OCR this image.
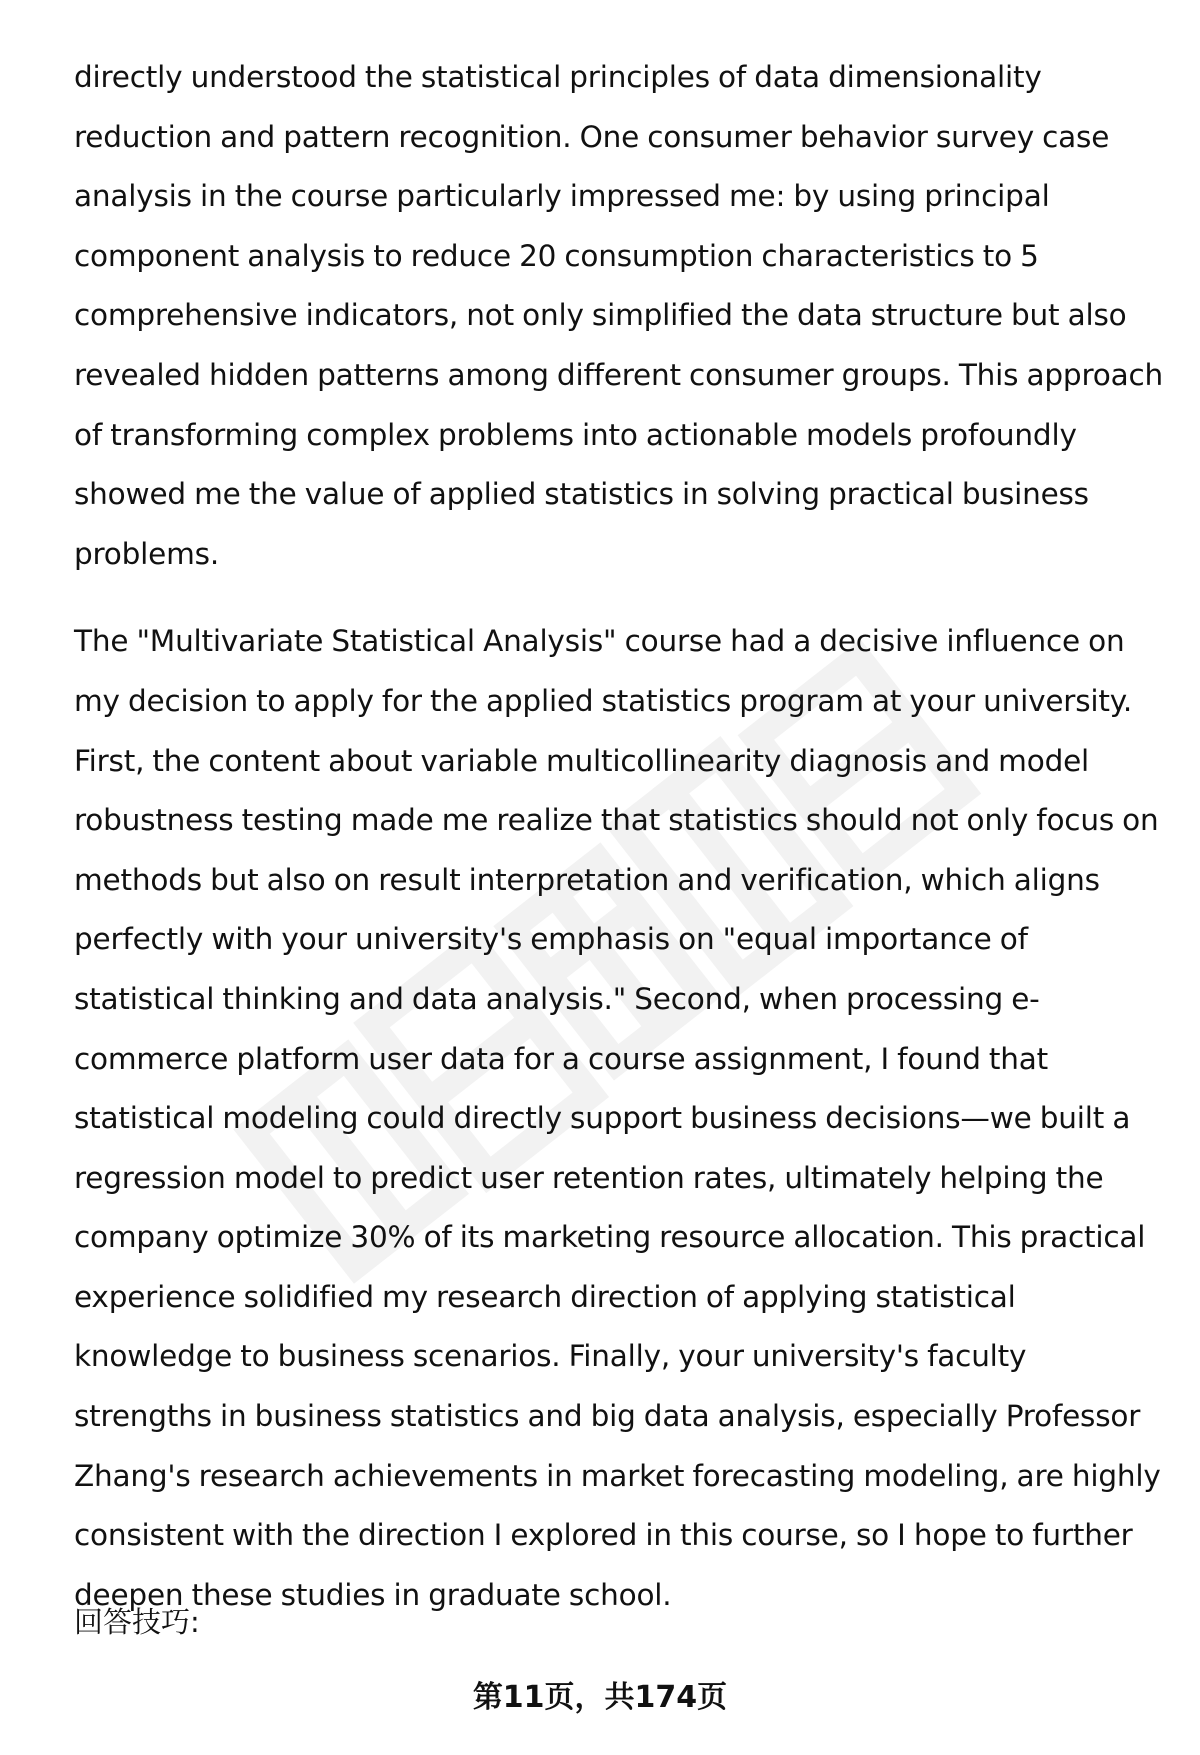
directly understood the statistical principles of data dimensionality reduction and pattern recognition. One consumer behavior survey case analysis in the course particularly impressed me: by using principal component analysis to reduce 20 consumption characteristics to 5 comprehensive indicators, not only simplified the data structure but also revealed hidden patterns among different consumer groups. This approach of transforming complex problems into actionable models profoundly showed me the value of applied statistics in solving practical business problems.

The "Multivariate Statistical Analysis" course had a decisive influence on my decision to apply for the applied statistics program at your university. First, the content about variable multicollinearity diagnosis and model robustness testing made me realize that statistics should not only focus on methods but also on result interpretation and verification, which aligns perfectly with your university's emphasis on "equal importance of statistical thinking and data analysis." Second, when processing e-commerce platform user data for a course assignment, I found that statistical modeling could directly support business decisions—we built a regression model to predict user retention rates, ultimately helping the company optimize 30% of its marketing resource allocation. This practical experience solidified my research direction of applying statistical knowledge to business scenarios. Finally, your university's faculty strengths in business statistics and big data analysis, especially Professor Zhang's research achievements in market forecasting modeling, are highly consistent with the direction I explored in this course, so I hope to further deepen these studies in graduate school.

回答技巧:

第11页，共174页
